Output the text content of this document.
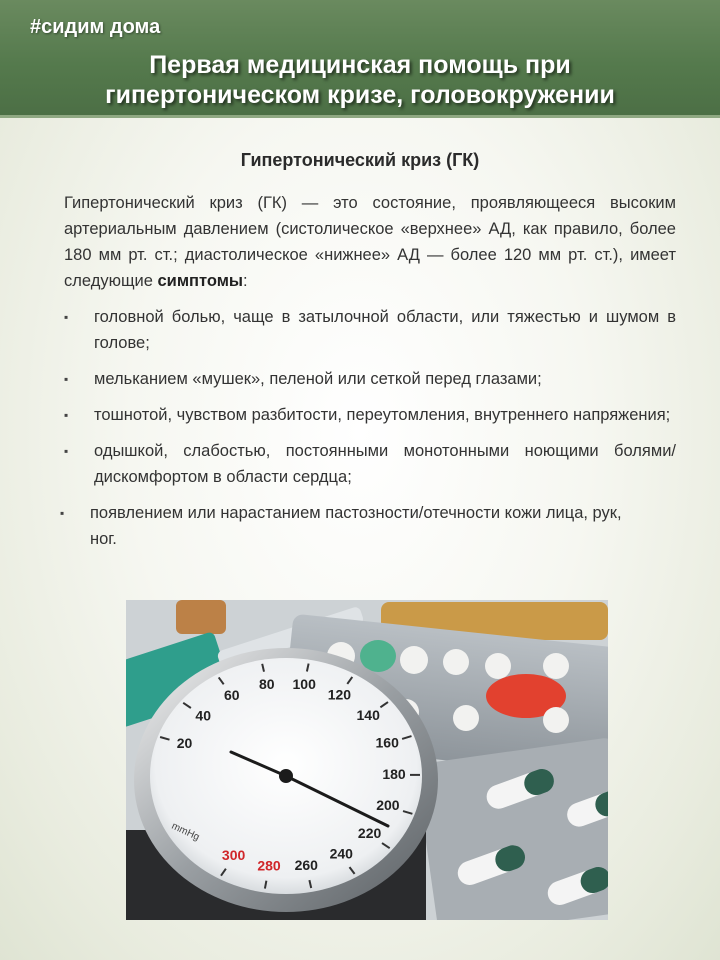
#сидим дома
Первая медицинская помощь при
гипертоническом кризе, головокружении
Гипертонический криз (ГК)

Гипертонический криз (ГК) — это состояние, проявляющееся высоким артериальным давлением (систолическое «верхнее» АД, как правило, более 180 мм рт. ст.; диастолическое «нижнее» АД — более 120 мм рт. ст.), имеет следующие симптомы:

▪ головной болью, чаще в затылочной области, или тяжестью и шумом в голове;
▪ мельканием «мушек», пеленой или сеткой перед глазами;
▪ тошнотой, чувством разбитости, переутомления, внутреннего напряжения;
▪ одышкой, слабостью, постоянными монотонными ноющими болями/дискомфортом в области сердца;
▪ появлением или нарастанием пастозности/отечности кожи лица, рук, ног.
20
40
60
80 100
120
140
160
180
200
220
240
260
280
300
mmHg
